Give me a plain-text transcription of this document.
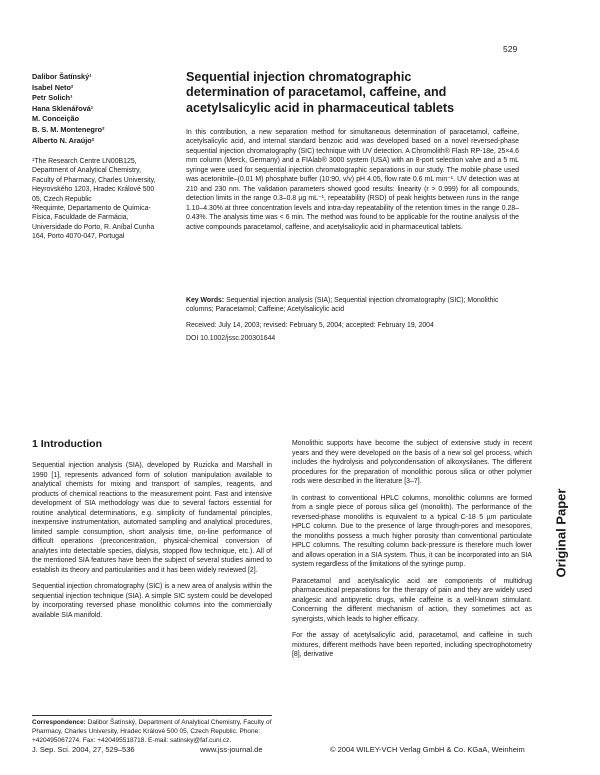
529
Dalibor Šatínský¹
Isabel Neto²
Petr Solich¹
Hana Sklenářová¹
M. Conceição
B. S. M. Montenegro²
Alberto N. Araújo²
¹The Research Centre LN00B125, Department of Analytical Chemistry, Faculty of Pharmacy, Charles University, Heyrovského 1203, Hradec Králové 500 05, Czech Republic
²Requimte, Departamento de Química-Física, Faculdade de Farmácia, Universidade do Porto, R. Aníbal Cunha 164, Porto 4070-047, Portugal
Sequential injection chromatographic determination of paracetamol, caffeine, and acetylsalicylic acid in pharmaceutical tablets
In this contribution, a new separation method for simultaneous determination of paracetamol, caffeine, acetylsalicylic acid, and internal standard benzoic acid was developed based on a novel reversed-phase sequential injection chromatography (SIC) technique with UV detection. A Chromolith® Flash RP-18e, 25×4.6 mm column (Merck, Germany) and a FIAlab® 3000 system (USA) with an 8-port selection valve and a 5 mL syringe were used for sequential injection chromatographic separations in our study. The mobile phase used was acetonitrile–(0.01 M) phosphate buffer (10:90, v/v) pH 4.05, flow rate 0.6 mL min⁻¹. UV detection was at 210 and 230 nm. The validation parameters showed good results: linearity (r > 0.999) for all compounds, detection limits in the range 0.3–0.8 µg mL⁻¹, repeatability (RSD) of peak heights between runs in the range 1.10–4.30% at three concentration levels and intra-day repeatability of the retention times in the range 0.28–0.43%. The analysis time was < 6 min. The method was found to be applicable for the routine analysis of the active compounds paracetamol, caffeine, and acetylsalicylic acid in pharmaceutical tablets.
Key Words: Sequential injection analysis (SIA); Sequential injection chromatography (SIC); Monolithic columns; Paracetamol; Caffeine; Acetylsalicylic acid
Received: July 14, 2003; revised: February 5, 2004; accepted: February 19, 2004
DOI 10.1002/jssc.200301644
1 Introduction

Sequential injection analysis (SIA), developed by Ruzicka and Marshall in 1990 [1], represents advanced form of solution manipulation available to analytical chemists for mixing and transport of samples, reagents, and products of chemical reactions to the measurement point. Fast and intensive development of SIA methodology was due to several factors essential for routine analytical determinations, e.g. simplicity of fundamental principles, inexpensive instrumentation, automated sampling and analytical procedures, limited sample consumption, short analysis time, on-line performance of difficult operations (preconcentration, physical-chemical conversion of analytes into detectable species, dialysis, stopped flow technique, etc.). All of the mentioned SIA features have been the subject of several studies aimed to establish its theory and particularities and it has been widely reviewed [2].

Sequential injection chromatography (SIC) is a new area of analysis within the sequential injection technique (SIA). A simple SIC system could be developed by incorporating reversed phase monolithic columns into the commercially available SIA manifold.

Monolithic supports have become the subject of extensive study in recent years and they were developed on the basis of a new sol gel process, which includes the hydrolysis and polycondensation of alkoxysilanes. The different procedures for the preparation of monolithic porous silica or other polymer rods were described in the literature [3–7].

In contrast to conventional HPLC columns, monolithic columns are formed from a single piece of porous silica gel (monolith). The performance of the reversed-phase monoliths is equivalent to a typical C-18 5 µm particulate HPLC column. Due to the presence of large through-pores and mesopores, the monoliths possess a much higher porosity than conventional particulate HPLC columns. The resulting column back-pressure is therefore much lower and allows operation in a SIA system. Thus, it can be incorporated into an SIA system regardless of the limitations of the syringe pump.

Paracetamol and acetylsalicylic acid are components of multidrug pharmaceutical preparations for the therapy of pain and they are widely used analgesic and antipyretic drugs, while caffeine is a well-known stimulant. Concerning the different mechanism of action, they sometimes act as synergists, which leads to higher efficacy.

For the assay of acetylsalicylic acid, paracetamol, and caffeine in such mixtures, different methods have been reported, including spectrophotometry [8], derivative

Correspondence: Dalibor Šatínský, Department of Analytical Chemistry, Faculty of Pharmacy, Charles University, Hradec Králové 500 05, Czech Republic. Phone: +420495067274. Fax: +420495518718. E-mail: satinsky@faf.cuni.cz.
J. Sep. Sci. 2004, 27, 529–536	www.jss-journal.de	© 2004 WILEY-VCH Verlag GmbH & Co. KGaA, Weinheim
Original Paper
